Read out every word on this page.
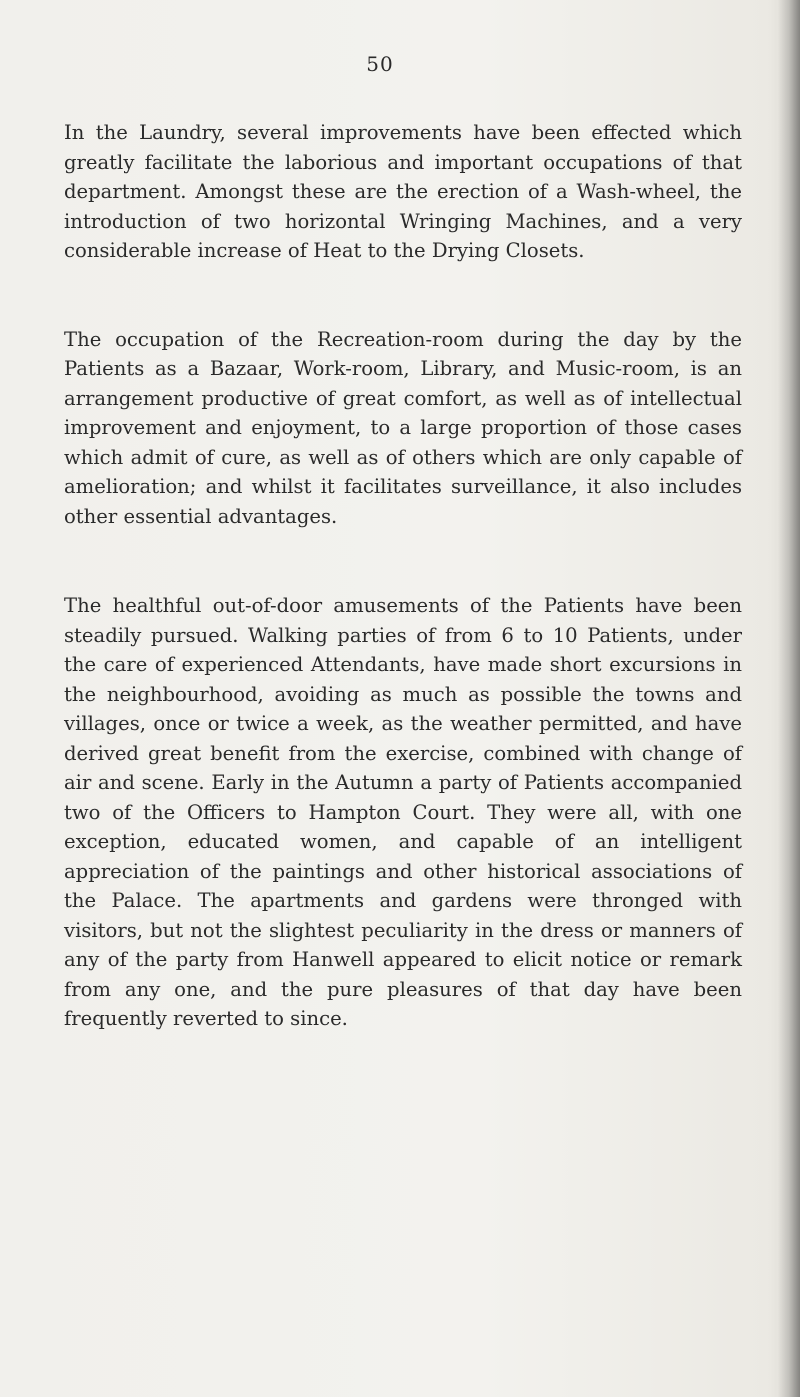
50

In the Laundry, several improvements have been effected which greatly facilitate the laborious and important occupations of that department. Amongst these are the erection of a Wash-wheel, the introduction of two horizontal Wringing Machines, and a very considerable increase of Heat to the Drying Closets.

The occupation of the Recreation-room during the day by the Patients as a Bazaar, Work-room, Library, and Music-room, is an arrangement productive of great comfort, as well as of intellectual improvement and enjoyment, to a large proportion of those cases which admit of cure, as well as of others which are only capable of amelioration; and whilst it facilitates surveillance, it also includes other essential advantages.

The healthful out-of-door amusements of the Patients have been steadily pursued. Walking parties of from 6 to 10 Patients, under the care of experienced Attendants, have made short excursions in the neighbourhood, avoiding as much as possible the towns and villages, once or twice a week, as the weather permitted, and have derived great benefit from the exercise, combined with change of air and scene. Early in the Autumn a party of Patients accompanied two of the Officers to Hampton Court. They were all, with one exception, educated women, and capable of an intelligent appreciation of the paintings and other historical associations of the Palace. The apartments and gardens were thronged with visitors, but not the slightest peculiarity in the dress or manners of any of the party from Hanwell appeared to elicit notice or remark from any one, and the pure pleasures of that day have been frequently reverted to since.
